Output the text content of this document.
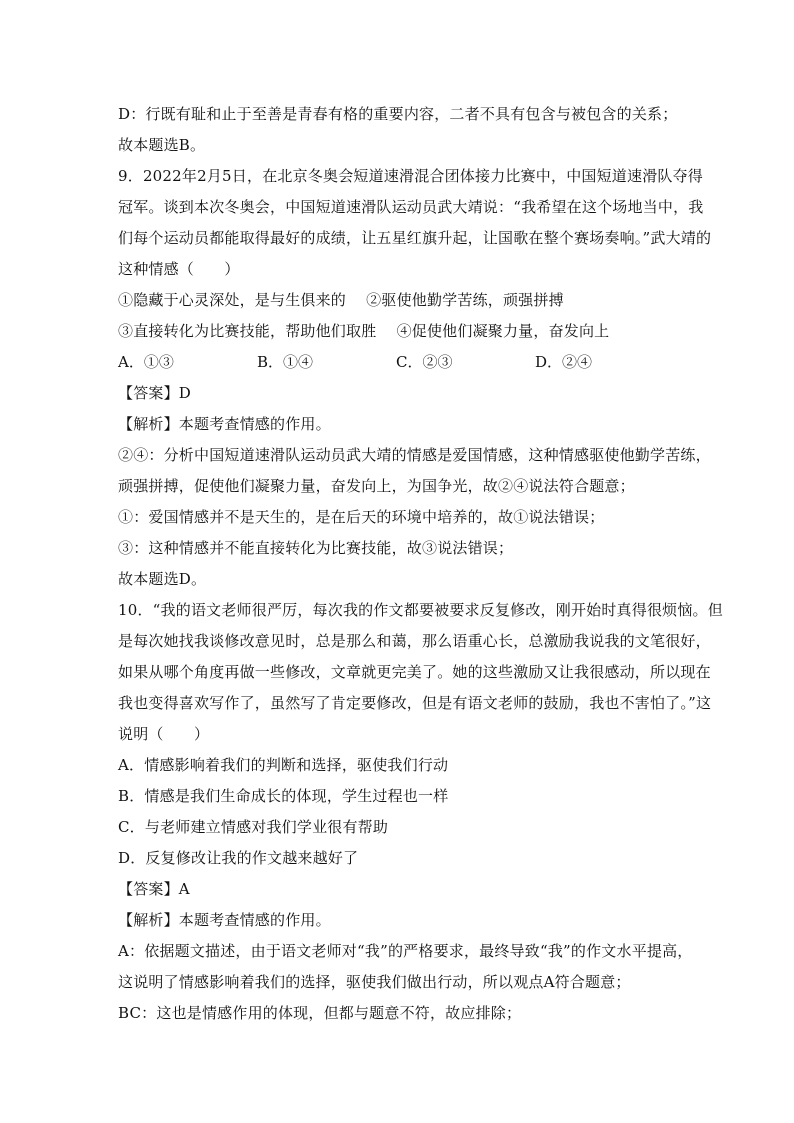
D：行既有耻和止于至善是青春有格的重要内容，二者不具有包含与被包含的关系；
故本题选B。
9．2022年2月5日，在北京冬奥会短道速滑混合团体接力比赛中，中国短道速滑队夺得
冠军。谈到本次冬奥会，中国短道速滑队运动员武大靖说：“我希望在这个场地当中，我
们每个运动员都能取得最好的成绩，让五星红旗升起，让国歌在整个赛场奏响。”武大靖的
这种情感（　　）
①隐藏于心灵深处，是与生俱来的　 ②驱使他勤学苦练，顽强拼搏
③直接转化为比赛技能，帮助他们取胜　 ④促使他们凝聚力量，奋发向上
A．①③	B．①④	C．②③	D．②④
【答案】D
【解析】本题考查情感的作用。
②④：分析中国短道速滑队运动员武大靖的情感是爱国情感，这种情感驱使他勤学苦练，
顽强拼搏，促使他们凝聚力量，奋发向上，为国争光，故②④说法符合题意；
①：爱国情感并不是天生的，是在后天的环境中培养的，故①说法错误；
③：这种情感并不能直接转化为比赛技能，故③说法错误；
故本题选D。
10．“我的语文老师很严厉，每次我的作文都要被要求反复修改，刚开始时真得很烦恼。但
是每次她找我谈修改意见时，总是那么和蔼，那么语重心长，总激励我说我的文笔很好，
如果从哪个角度再做一些修改，文章就更完美了。她的这些激励又让我很感动，所以现在
我也变得喜欢写作了，虽然写了肯定要修改，但是有语文老师的鼓励，我也不害怕了。”这
说明（　　）
A．情感影响着我们的判断和选择，驱使我们行动
B．情感是我们生命成长的体现，学生过程也一样
C．与老师建立情感对我们学业很有帮助
D．反复修改让我的作文越来越好了
【答案】A
【解析】本题考查情感的作用。
A：依据题文描述，由于语文老师对“我”的严格要求，最终导致“我”的作文水平提高，
这说明了情感影响着我们的选择，驱使我们做出行动，所以观点A符合题意；
BC：这也是情感作用的体现，但都与题意不符，故应排除；
